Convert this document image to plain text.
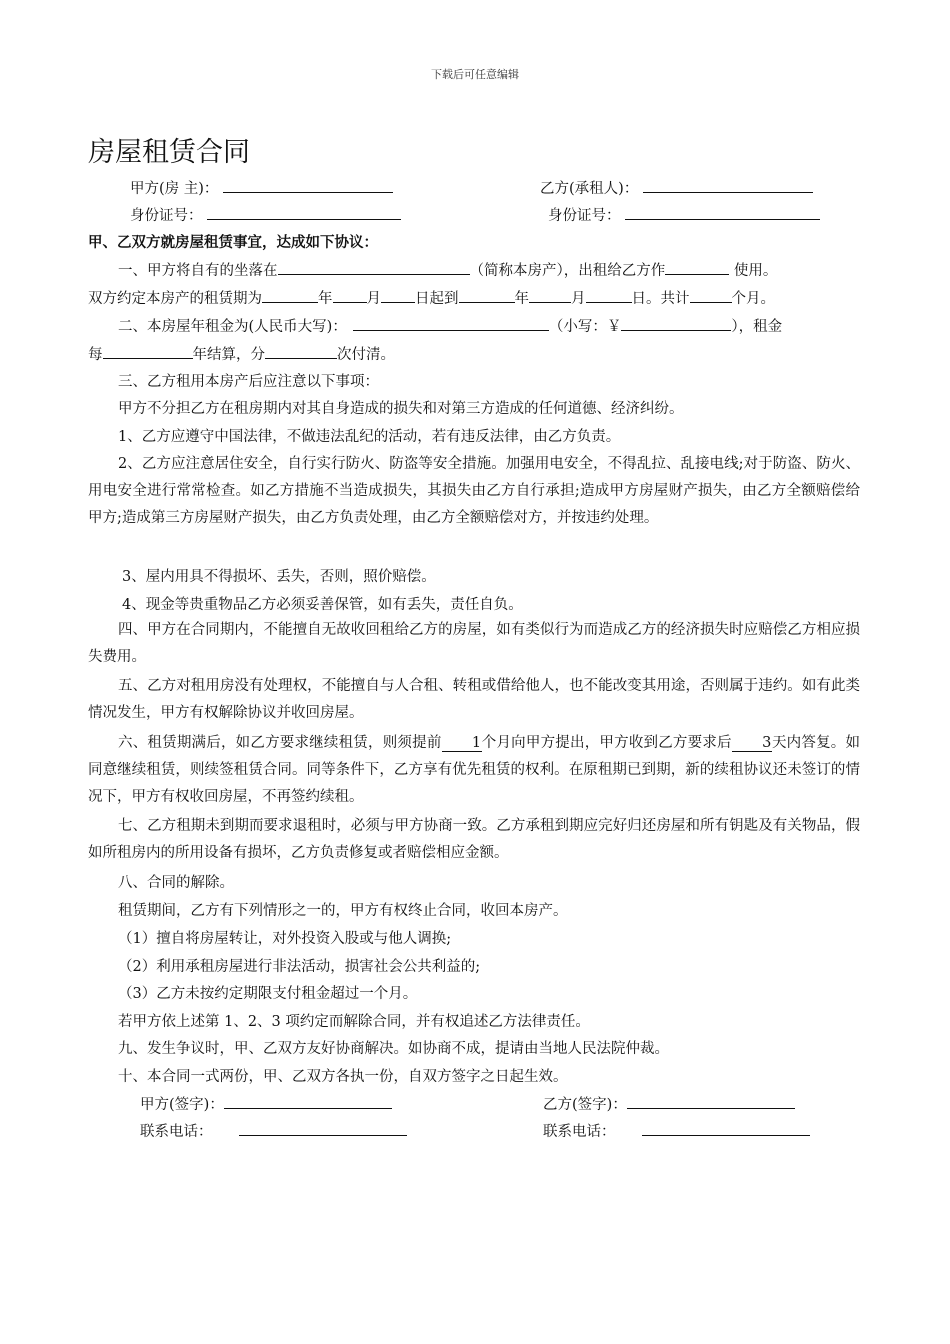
下载后可任意编辑
房屋租赁合同
甲方(房 主)：	乙方(承租人)：
身份证号：	身份证号：
甲、乙双方就房屋租赁事宜，达成如下协议：
一、甲方将自有的坐落在	（简称本房产），出租给乙方作	使用。
双方约定本房产的租赁期为	年 月 日起到	年	月	日。共计	个月。
二、本房屋年租金为(人民币大写)：	（小写：￥	），租金
每	年结算，分	次付清。
三、乙方租用本房产后应注意以下事项：
甲方不分担乙方在租房期内对其自身造成的损失和对第三方造成的任何道德、经济纠纷。
1、乙方应遵守中国法律，不做违法乱纪的活动，若有违反法律，由乙方负责。
2、乙方应注意居住安全，自行实行防火、防盗等安全措施。加强用电安全，不得乱拉、乱接电线;对于防盗、防火、用电安全进行常常检查。如乙方措施不当造成损失，其损失由乙方自行承担;造成甲方房屋财产损失，由乙方全额赔偿给甲方;造成第三方房屋财产损失，由乙方负责处理，由乙方全额赔偿对方，并按违约处理。
3、屋内用具不得损坏、丢失，否则，照价赔偿。
4、现金等贵重物品乙方必须妥善保管，如有丢失，责任自负。
四、甲方在合同期内，不能擅自无故收回租给乙方的房屋，如有类似行为而造成乙方的经济损失时应赔偿乙方相应损失费用。
五、乙方对租用房没有处理权，不能擅自与人合租、转租或借给他人，也不能改变其用途，否则属于违约。如有此类情况发生，甲方有权解除协议并收回房屋。
六、租赁期满后，如乙方要求继续租赁，则须提前 1个月向甲方提出，甲方收到乙方要求后 3天内答复。如同意继续租赁，则续签租赁合同。同等条件下，乙方享有优先租赁的权利。在原租期已到期，新的续租协议还未签订的情况下，甲方有权收回房屋，不再签约续租。
七、乙方租期未到期而要求退租时，必须与甲方协商一致。乙方承租到期应完好归还房屋和所有钥匙及有关物品，假如所租房内的所用设备有损坏，乙方负责修复或者赔偿相应金额。
八、合同的解除。
租赁期间，乙方有下列情形之一的，甲方有权终止合同，收回本房产。
（1）擅自将房屋转让，对外投资入股或与他人调换;
（2）利用承租房屋进行非法活动，损害社会公共利益的;
（3）乙方未按约定期限支付租金超过一个月。
若甲方依上述第 1、2、3 项约定而解除合同，并有权追述乙方法律责任。
九、发生争议时，甲、乙双方友好协商解决。如协商不成，提请由当地人民法院仲裁。
十、本合同一式两份，甲、乙双方各执一份，自双方签字之日起生效。
甲方(签字)：	乙方(签字)：
联系电话：	联系电话：
